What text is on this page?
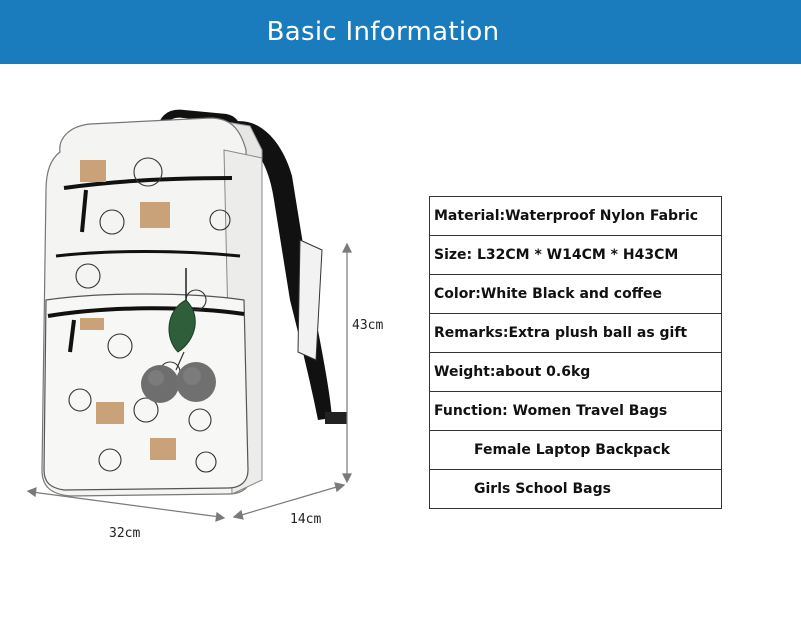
Basic Information
43cm
32cm
14cm
Material:Waterproof Nylon Fabric
Size: L32CM * W14CM * H43CM
Color:White Black and coffee
Remarks:Extra plush ball as gift
Weight:about 0.6kg
Function: Women Travel Bags
Female Laptop Backpack
Girls School Bags
